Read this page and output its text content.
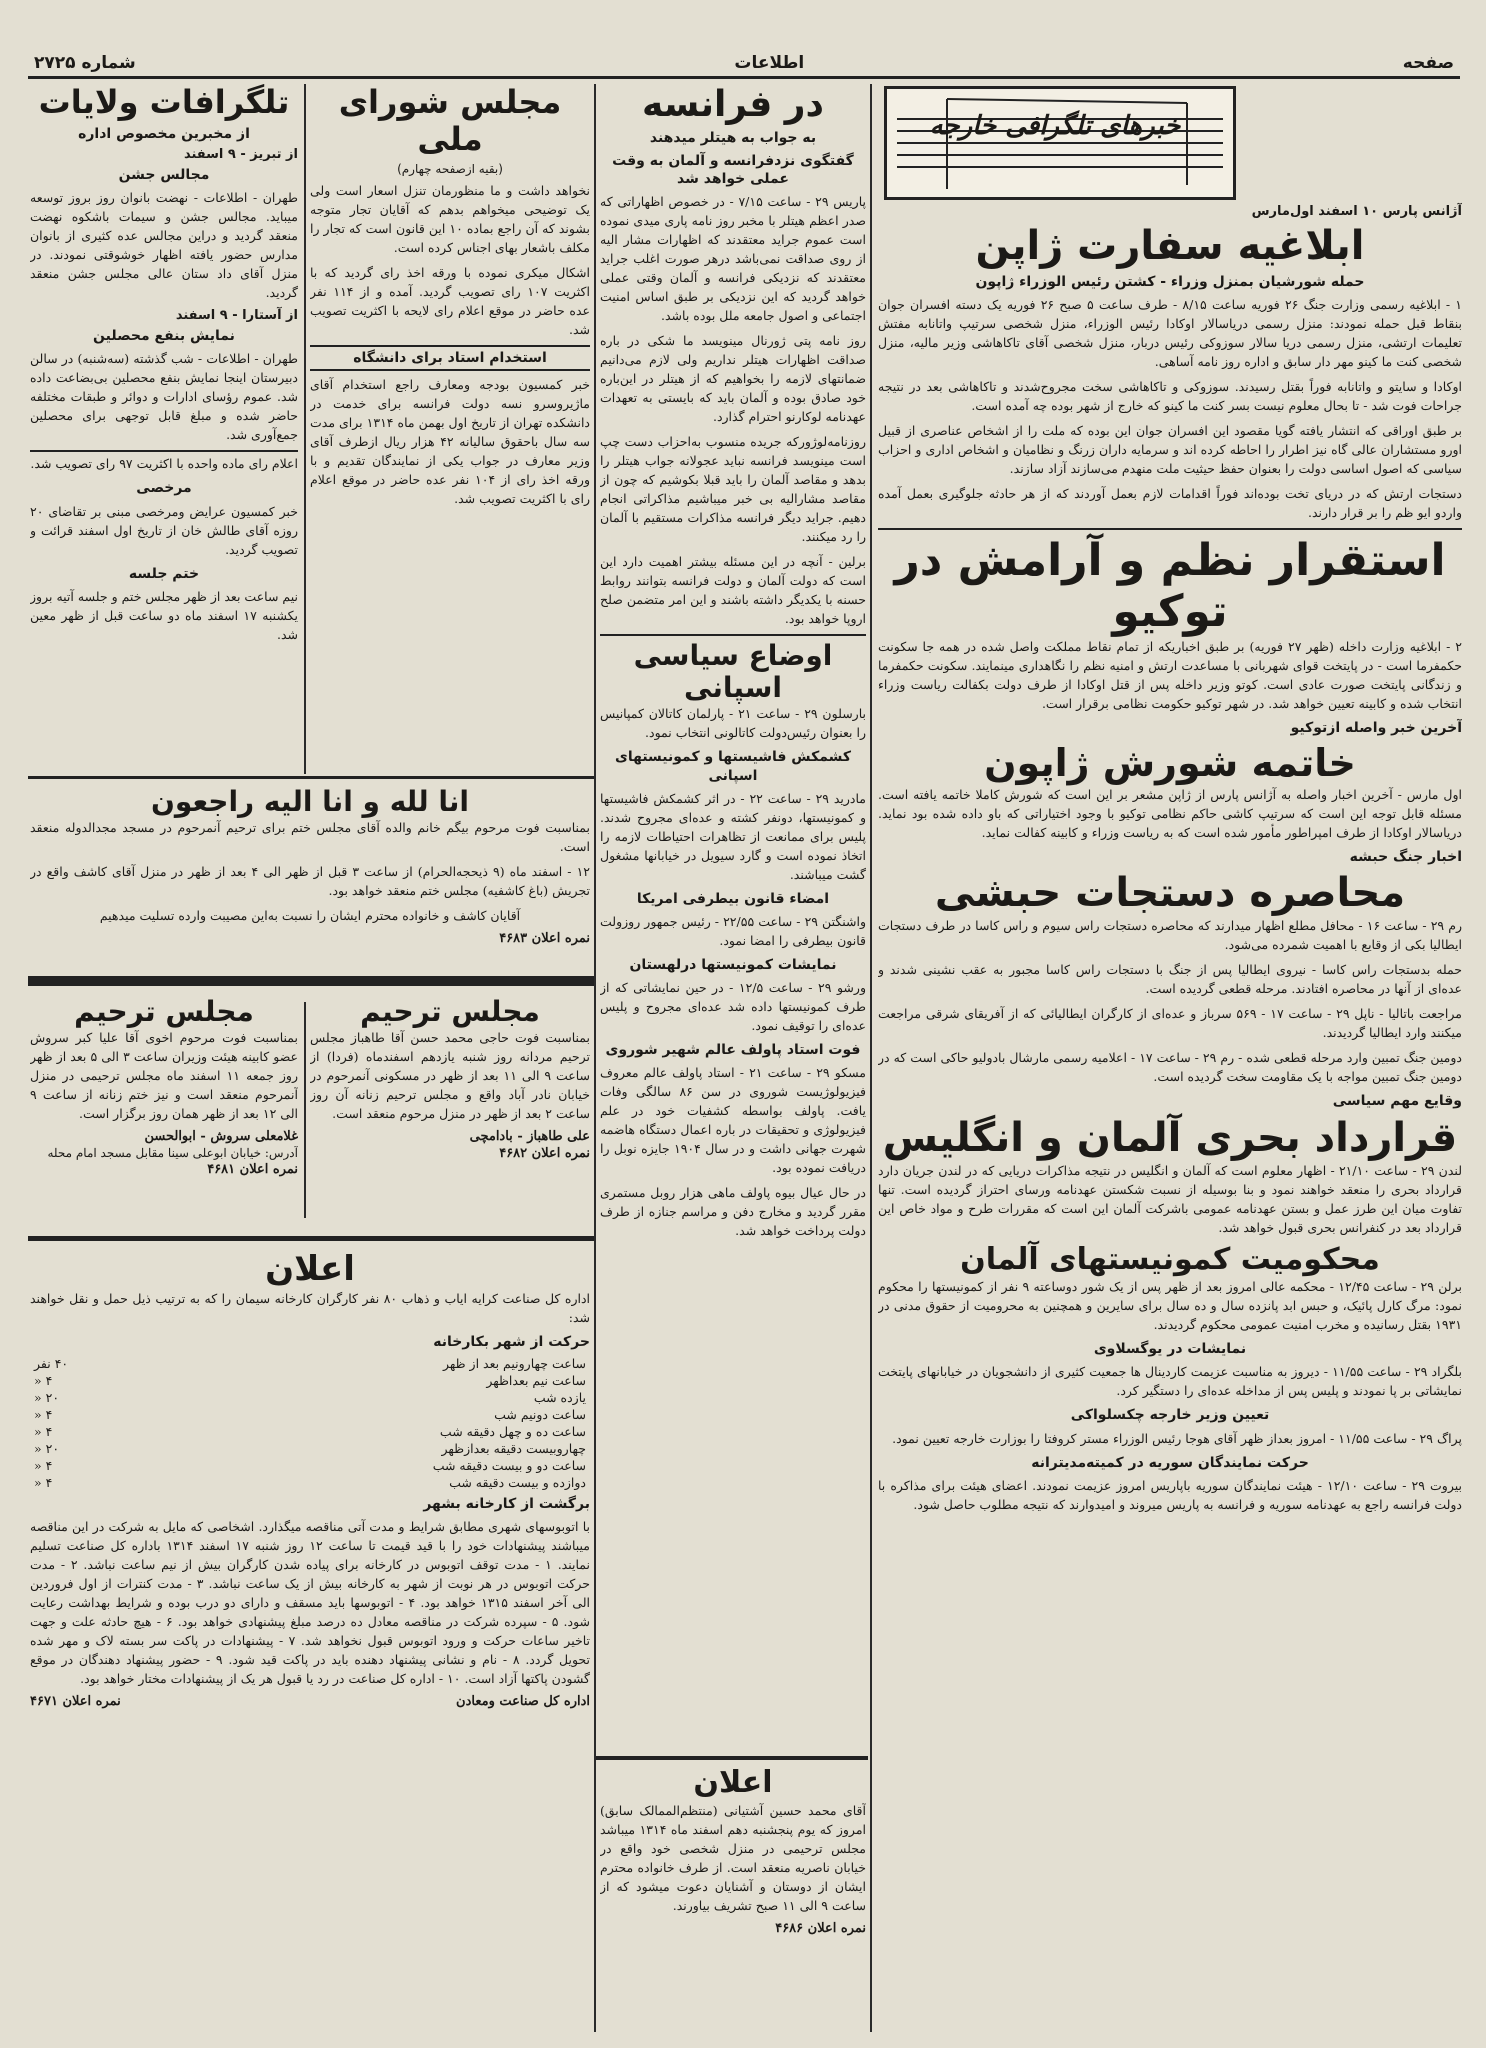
صفحه
اطلاعات
شماره ۲۷۲۵
خبرهای تلگرافی خارجه
آژانس پارس ۱۰ اسفند اول‌مارس
ابلاغیه سفارت ژاپن
حمله شورشیان بمنزل وزراء - کشتن رئیس الوزراء ژاپون

۱ - ابلاغیه رسمی وزارت جنگ ۲۶ فوریه ساعت ۸/۱۵ - طرف ساعت ۵ صبح ۲۶ فوریه یک دسته افسران جوان بنقاط قبل حمله نمودند: منزل رسمی دریاسالار اوکادا رئیس الوزراء، منزل شخصی سرتیپ واتانابه مفتش تعلیمات ارتشی، منزل رسمی دریا سالار سوزوکی رئیس دربار، منزل شخصی آقای تاکاهاشی وزیر مالیه، منزل شخصی کنت ما کینو مهر دار سابق و اداره روز نامه آساهی.

اوکادا و سایتو و واتانابه فوراً بقتل رسیدند. سوزوکی و تاکاهاشی سخت مجروح‌شدند و تاکاهاشی بعد در نتیجه جراحات فوت شد - تا بحال معلوم نیست بسر کنت ما کینو که خارج از شهر بوده چه آمده است.

بر طبق اوراقی که انتشار یافته گویا مقصود این افسران جوان این بوده که ملت را از اشخاص عناصری از قبیل اورو مستشاران عالی گاه نیز اطرار را احاطه کرده اند و سرمایه داران زرنگ و نظامیان و اشخاص اداری و احزاب سیاسی که اصول اساسی دولت را بعنوان حفظ حیثیت ملت منهدم می‌سازند آزاد سازند.

دستجات ارتش که در دریای تخت بوده‌اند فوراً اقدامات لازم بعمل آوردند که از هر حادثه جلوگیری بعمل آمده واردو ایو ظم را بر قرار دارند.

استقرار نظم و آرامش در توکیو

۲ - ابلاغیه وزارت داخله (ظهر ۲۷ فوریه) بر طبق اخباریکه از تمام نقاط مملکت واصل شده در همه جا سکونت حکمفرما است - در پایتخت قوای شهربانی با مساعدت ارتش و امنیه نظم را نگاهداری مینمایند. سکونت حکمفرما و زندگانی پایتخت صورت عادی است. کوتو وزیر داخله پس از قتل اوکادا از طرف دولت بکفالت ریاست وزراء انتخاب شده و کابینه تعیین خواهد شد. در شهر توکیو حکومت نظامی برقرار است.

آخرین خبر واصله ازتوکیو
خاتمه شورش ژاپون

اول مارس - آخرین اخبار واصله به آژانس پارس از ژاپن مشعر بر این است که شورش کاملا خاتمه یافته است. مسئله قابل توجه این است که سرتیپ کاشی حاکم نظامی توکیو با وجود اختیاراتی که باو داده شده بود نماید. دریاسالار اوکادا از طرف امپراطور مأمور شده است که به ریاست وزراء و کابینه کفالت نماید.

اخبار جنگ حبشه
محاصره دستجات حبشی

رم ۲۹ - ساعت ۱۶ - محافل مطلع اظهار میدارند که محاصره دستجات راس سیوم و راس کاسا در طرف دستجات ایطالیا بکی از وقایع با اهمیت شمرده می‌شود.

حمله بدستجات راس کاسا - نیروی ایطالیا پس از جنگ با دستجات راس کاسا مجبور به عقب نشینی شدند و عده‌ای از آنها در محاصره افتادند. مرحله قطعی گردیده است.

مراجعت باتالیا - ناپل ۲۹ - ساعت ۱۷ - ۵۶۹ سرباز و عده‌ای از کارگران ایطالیائی که از آفریقای شرقی مراجعت میکنند وارد ایطالیا گردیدند.

دومین جنگ تمبین وارد مرحله قطعی شده - رم ۲۹ - ساعت ۱۷ - اعلامیه رسمی مارشال بادولیو حاکی است که در دومین جنگ تمبین مواجه با یک مقاومت سخت گردیده است.

وقایع مهم سیاسی
قرارداد بحری آلمان و انگلیس

لندن ۲۹ - ساعت ۲۱/۱۰ - اظهار معلوم است که آلمان و انگلیس در نتیجه مذاکرات دریایی که در لندن جریان دارد قرارداد بحری را منعقد خواهند نمود و بنا بوسیله از نسبت شکستن عهدنامه ورسای احتراز گردیده است. تنها تفاوت میان این طرز عمل و بستن عهدنامه عمومی باشرکت آلمان این است که مقررات طرح و مواد خاص این قرارداد بعد در کنفرانس بحری قبول خواهد شد.

محکومیت کمونیستهای آلمان

برلن ۲۹ - ساعت ۱۲/۴۵ - محکمه عالی امروز بعد از ظهر پس از یک شور دوساعته ۹ نفر از کمونیستها را محکوم نمود: مرگ کارل پائیک، و حبس ابد پانزده سال و ده سال برای سایرین و همچنین به محرومیت از حقوق مدنی در ۱۹۳۱ بقتل رسانیده و مخرب امنیت عمومی محکوم گردیدند.

نمایشات در یوگسلاوی

بلگراد ۲۹ - ساعت ۱۱/۵۵ - دیروز به مناسبت عزیمت کاردینال ها جمعیت کثیری از دانشجویان در خیابانهای پایتخت نمایشاتی بر پا نمودند و پلیس پس از مداخله عده‌ای را دستگیر کرد.

تعیین وزیر خارجه چکسلواکی

پراگ ۲۹ - ساعت ۱۱/۵۵ - امروز بعداز ظهر آقای هوجا رئیس الوزراء مستر کروفتا را بوزارت خارجه تعیین نمود.

حرکت نمایندگان سوریه در کمیته‌مدیترانه

بیروت ۲۹ - ساعت ۱۲/۱۰ - هیئت نمایندگان سوریه باپاریس امروز عزیمت نمودند. اعضای هیئت برای مذاکره با دولت فرانسه راجع به عهدنامه سوریه و فرانسه به پاریس میروند و امیدوارند که نتیجه مطلوب حاصل شود.

در فرانسه
به جواب به هیتلر میدهند
گفتگوی نزدفرانسه و آلمان به وقت عملی خواهد شد

پاریس ۲۹ - ساعت ۷/۱۵ - در خصوص اظهاراتی که صدر اعظم هیتلر با مخبر روز نامه پاری میدی نموده است عموم جراید معتقدند که اظهارات مشار الیه از روی صداقت نمی‌باشد درهر صورت اغلب جراید معتقدند که نزدیکی فرانسه و آلمان وقتی عملی خواهد گردید که این نزدیکی بر طبق اساس امنیت اجتماعی و اصول جامعه ملل بوده باشد.

روز نامه پتی ژورنال مینویسد ما شکی در باره صداقت اظهارات هیتلر نداریم ولی لازم می‌دانیم ضمانتهای لازمه را بخواهیم که از هیتلر در این‌باره خود صادق بوده و آلمان باید که بایستی به تعهدات عهدنامه لوکارنو احترام گذارد.

روزنامه‌لوژورکه جریده منسوب به‌احزاب دست چپ است مینویسد فرانسه نباید عجولانه جواب هیتلر را بدهد و مقاصد آلمان را باید قبلا بکوشیم که چون از مقاصد مشارالیه بی خبر میباشیم مذاکراتی انجام دهیم. جراید دیگر فرانسه مذاکرات مستقیم با آلمان را رد میکنند.

برلین - آنچه در این مسئله بیشتر اهمیت دارد این است که دولت آلمان و دولت فرانسه بتوانند روابط حسنه با یکدیگر داشته باشند و این امر متضمن صلح اروپا خواهد بود.

اوضاع سیاسی اسپانی

بارسلون ۲۹ - ساعت ۲۱ - پارلمان کاتالان کمپانیس را بعنوان رئیس‌دولت کاتالونی انتخاب نمود.

کشمکش فاشیستها و کمونیستهای اسپانی

مادرید ۲۹ - ساعت ۲۲ - در اثر کشمکش فاشیستها و کمونیستها، دونفر کشته و عده‌ای مجروح شدند. پلیس برای ممانعت از تظاهرات احتیاطات لازمه را اتخاذ نموده است و گارد سیویل در خیابانها مشغول گشت میباشند.

امضاء قانون بیطرفی امریکا

واشنگتن ۲۹ - ساعت ۲۲/۵۵ - رئیس جمهور روزولت قانون بیطرفی را امضا نمود.

نمایشات کمونیستها درلهستان

ورشو ۲۹ - ساعت ۱۲/۵ - در حین نمایشاتی که از طرف کمونیستها داده شد عده‌ای مجروح و پلیس عده‌ای را توقیف نمود.

فوت استاد پاولف عالم شهیر شوروی

مسکو ۲۹ - ساعت ۲۱ - استاد پاولف عالم معروف فیزیولوژیست شوروی در سن ۸۶ سالگی وفات یافت. پاولف بواسطه کشفیات خود در علم فیزیولوژی و تحقیقات در باره اعمال دستگاه هاضمه شهرت جهانی داشت و در سال ۱۹۰۴ جایزه نوبل را دریافت نموده بود.

در حال عیال بیوه پاولف ماهی هزار روبل مستمری مقرر گردید و مخارج دفن و مراسم جنازه از طرف دولت پرداخت خواهد شد.

اعلان

آقای محمد حسین آشتیانی (منتظم‌الممالک سابق) امروز که یوم پنجشنبه دهم اسفند ماه ۱۳۱۴ میباشد مجلس ترحیمی در منزل شخصی خود واقع در خیابان ناصریه منعقد است. از طرف خانواده محترم ایشان از دوستان و آشنایان دعوت میشود که از ساعت ۹ الی ۱۱ صبح تشریف بیاورند.

نمره اعلان ۴۶۸۶
مجلس شورای ملی
(بقیه ازصفحه چهارم)

نخواهد داشت و ما منظورمان تنزل اسعار است ولی یک توضیحی میخواهم بدهم که آقایان تجار متوجه بشوند که آن راجع بماده ۱۰ این قانون است که تجار را مکلف باشعار بهای اجناس کرده است.

اشکال میکری نموده با ورقه اخذ رای گردید که با اکثریت ۱۰۷ رای تصویب گردید. آمده و از ۱۱۴ نفر عده حاضر در موقع اعلام رای لایحه با اکثریت تصویب شد.

استخدام استاد برای دانشگاه

خبر کمسیون بودجه ومعارف راجع استخدام آقای ماژیروسرو نسه دولت فرانسه برای خدمت در دانشکده تهران از تاریخ اول بهمن ماه ۱۳۱۴ برای مدت سه سال باحقوق سالیانه ۴۲ هزار ریال ازطرف آقای وزیر معارف در جواب یکی از نمایندگان تقدیم و با ورقه اخذ رای از ۱۰۴ نفر عده حاضر در موقع اعلام رای با اکثریت تصویب شد.

تلگرافات ولایات
از مخبرین مخصوص اداره
از تبریز - ۹ اسفند
مجالس جشن

طهران - اطلاعات - نهضت بانوان روز بروز توسعه میباید. مجالس جشن و سیمات باشکوه نهضت منعقد گردید و دراین مجالس عده کثیری از بانوان مدارس حضور یافته اظهار خوشوقتی نمودند. در منزل آقای داد ستان عالی مجلس جشن منعقد گردید.

از آستارا - ۹ اسفند
نمایش بنفع محصلین

طهران - اطلاعات - شب گذشته (سه‌شنبه) در سالن دبیرستان اینجا نمایش بنفع محصلین بی‌بضاعت داده شد. عموم رؤسای ادارات و دوائر و طبقات مختلفه حاضر شده و مبلغ قابل توجهی برای محصلین جمع‌آوری شد.

اعلام رای ماده واحده با اکثریت ۹۷ رای تصویب شد.

مرخصی

خبر کمسیون عرایض ومرخصی مبنی بر تقاضای ۲۰ روزه آقای طالش خان از تاریخ اول اسفند قرائت و تصویب گردید.

ختم جلسه

نیم ساعت بعد از ظهر مجلس ختم و جلسه آتیه بروز یکشنبه ۱۷ اسفند ماه دو ساعت قبل از ظهر معین شد.

انا لله و انا الیه راجعون

بمناسبت فوت مرحوم بیگم خانم والده آقای مجلس ختم برای ترحیم آنمرحوم در مسجد مجدالدوله منعقد است.

۱۲ - اسفند ماه (۹ ذیحجه‌الحرام) از ساعت ۳ قبل از ظهر الی ۴ بعد از ظهر در منزل آقای کاشف واقع در تجریش (باغ کاشفیه) مجلس ختم منعقد خواهد بود.

آقایان کاشف و خانواده محترم ایشان را نسبت به‌این مصیبت وارده تسلیت میدهیم

نمره اعلان ۴۶۸۳
مجلس ترحیم

بمناسبت فوت حاجی محمد حسن آقا طاهباز مجلس ترحیم مردانه روز شنبه یازدهم اسفندماه (فردا) از ساعت ۹ الی ۱۱ بعد از ظهر در مسکونی آنمرحوم در خیابان نادر آباد واقع و مجلس ترحیم زنانه آن روز ساعت ۲ بعد از ظهر در منزل مرحوم منعقد است.

علی طاهباز - بادامچی
نمره اعلان ۴۶۸۲
مجلس ترحیم

بمناسبت فوت مرحوم اخوی آقا علیا کبر سروش عضو کابینه هیئت وزیران ساعت ۳ الی ۵ بعد از ظهر روز جمعه ۱۱ اسفند ماه مجلس ترحیمی در منزل آنمرحوم منعقد است و نیز ختم زنانه از ساعت ۹ الی ۱۲ بعد از ظهر همان روز برگزار است.

غلامعلی سروش - ابوالحسن
آدرس: خیابان ابوعلی سینا مقابل مسجد امام محله
نمره اعلان ۴۶۸۱
اعلان

اداره کل صناعت کرایه ایاب و ذهاب ۸۰ نفر کارگران کارخانه سیمان را که به ترتیب ذیل حمل و نقل خواهند شد:

حرکت از شهر بکارخانه
ساعت چهارونیم بعد از ظهر	۴۰ نفر
ساعت نیم بعد‌اظهر	۴ «
یازده شب	۲۰ «
ساعت دونیم شب	۴ «
ساعت ده و چهل دقیقه شب	۴ «
چهاروبیست دقیقه بعدازظهر	۲۰ «
ساعت دو و بیست دقیقه شب	۴ «
دوازده و بیست دقیقه شب	۴ «
برگشت از کارخانه بشهر

با اتوبوسهای شهری مطابق شرایط و مدت آتی مناقصه میگذارد. اشخاصی که مایل به شرکت در این مناقصه میباشند پیشنهادات خود را با قید قیمت تا ساعت ۱۲ روز شنبه ۱۷ اسفند ۱۳۱۴ باداره کل صناعت تسلیم نمایند. ۱ - مدت توقف اتوبوس در کارخانه برای پیاده شدن کارگران بیش از نیم ساعت نباشد. ۲ - مدت حرکت اتوبوس در هر نوبت از شهر به کارخانه بیش از یک ساعت نباشد. ۳ - مدت کنترات از اول فروردین الی آخر اسفند ۱۳۱۵ خواهد بود. ۴ - اتوبوسها باید مسقف و دارای دو درب بوده و شرایط بهداشت رعایت شود. ۵ - سپرده شرکت در مناقصه معادل ده درصد مبلغ پیشنهادی خواهد بود. ۶ - هیچ حادثه علت و جهت تاخیر ساعات حرکت و ورود اتوبوس قبول نخواهد شد. ۷ - پیشنهادات در پاکت سر بسته لاک و مهر شده تحویل گردد. ۸ - نام و نشانی پیشنهاد دهنده باید در پاکت قید شود. ۹ - حضور پیشنهاد دهندگان در موقع گشودن پاکتها آزاد است. ۱۰ - اداره کل صناعت در رد یا قبول هر یک از پیشنهادات مختار خواهد بود.

اداره کل صناعت ومعادن
نمره اعلان ۴۶۷۱
